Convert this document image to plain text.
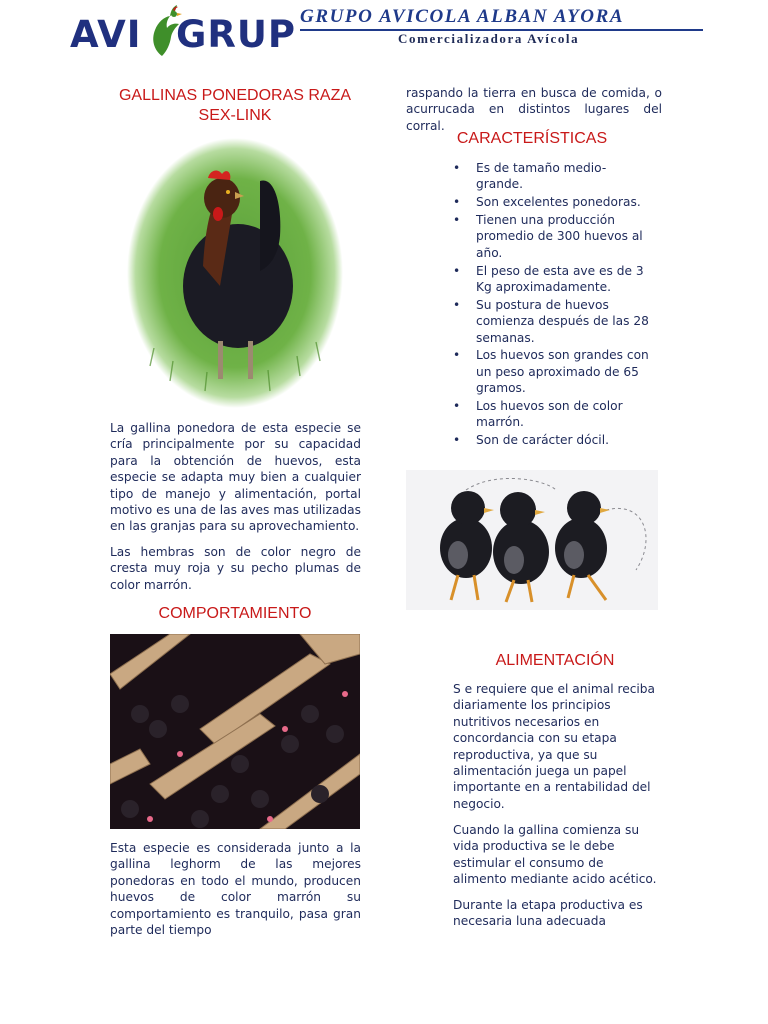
AVI GRUP GRUPO AVICOLA ALBAN AYORA
Comercializadora Avícola
GALLINAS PONEDORAS RAZA SEX-LINK

La gallina ponedora de esta especie se cría principalmente por su capacidad para la obtención de huevos, esta especie se adapta muy bien a cualquier tipo de manejo y alimentación, portal motivo es una de las aves mas utilizadas en las granjas para su aprovechamiento.

Las hembras son de color negro de cresta muy roja y su pecho plumas de color marrón.

COMPORTAMIENTO

Esta especie es considerada junto a la gallina leghorm de las mejores ponedoras en todo el mundo, producen huevos de color marrón su comportamiento es tranquilo, pasa gran parte del tiempo

raspando la tierra en busca de comida, o acurrucada en distintos lugares del corral.

CARACTERÍSTICAS
• Es de tamaño medio-grande.
• Son excelentes ponedoras.
• Tienen una producción promedio de 300 huevos al año.
• El peso de esta ave es de 3 Kg aproximadamente.
• Su postura de huevos comienza después de las 28 semanas.
• Los huevos son grandes con un peso aproximado de 65 gramos.
• Los huevos son de color marrón.
• Son de carácter dócil.
ALIMENTACIÓN

S e requiere que el animal reciba diariamente los principios nutritivos necesarios en concordancia con su etapa reproductiva, ya que su alimentación juega un papel importante en a rentabilidad del negocio.

Cuando la gallina comienza su vida productiva se le debe estimular el consumo de alimento mediante acido acético.

Durante la etapa productiva es necesaria luna adecuada
